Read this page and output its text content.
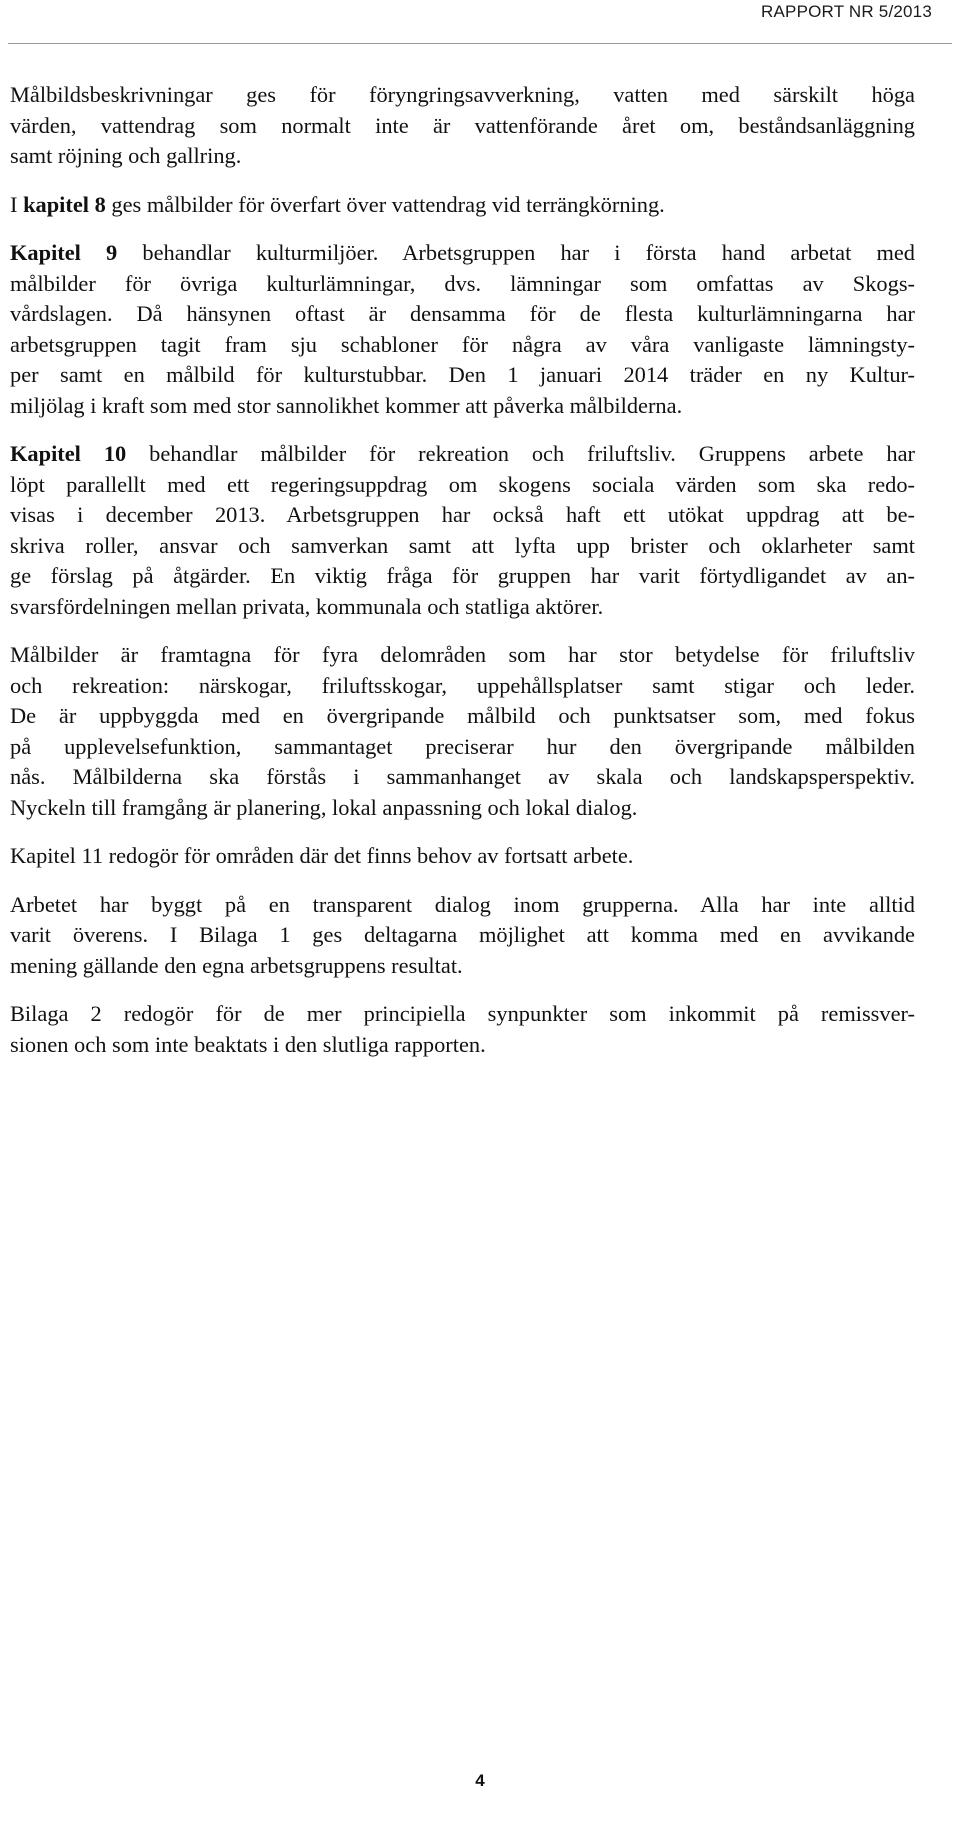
RAPPORT NR 5/2013

Målbildsbeskrivningar ges för föryngringsavverkning, vatten med särskilt höga
värden, vattendrag som normalt inte är vattenförande året om, beståndsanläggning
samt röjning och gallring.

I kapitel 8 ges målbilder för överfart över vattendrag vid terrängkörning.

Kapitel 9 behandlar kulturmiljöer. Arbetsgruppen har i första hand arbetat med
målbilder för övriga kulturlämningar, dvs. lämningar som omfattas av Skogs-
vårdslagen. Då hänsynen oftast är densamma för de flesta kulturlämningarna har
arbetsgruppen tagit fram sju schabloner för några av våra vanligaste lämningsty-
per samt en målbild för kulturstubbar. Den 1 januari 2014 träder en ny Kultur-
miljölag i kraft som med stor sannolikhet kommer att påverka målbilderna.

Kapitel 10 behandlar målbilder för rekreation och friluftsliv. Gruppens arbete har
löpt parallellt med ett regeringsuppdrag om skogens sociala värden som ska redo-
visas i december 2013. Arbetsgruppen har också haft ett utökat uppdrag att be-
skriva roller, ansvar och samverkan samt att lyfta upp brister och oklarheter samt
ge förslag på åtgärder. En viktig fråga för gruppen har varit förtydligandet av an-
svarsfördelningen mellan privata, kommunala och statliga aktörer.

Målbilder är framtagna för fyra delområden som har stor betydelse för friluftsliv
och rekreation: närskogar, friluftsskogar, uppehållsplatser samt stigar och leder.
De är uppbyggda med en övergripande målbild och punktsatser som, med fokus
på upplevelsefunktion, sammantaget preciserar hur den övergripande målbilden
nås. Målbilderna ska förstås i sammanhanget av skala och landskapsperspektiv.
Nyckeln till framgång är planering, lokal anpassning och lokal dialog.

Kapitel 11 redogör för områden där det finns behov av fortsatt arbete.

Arbetet har byggt på en transparent dialog inom grupperna. Alla har inte alltid
varit överens. I Bilaga 1 ges deltagarna möjlighet att komma med en avvikande
mening gällande den egna arbetsgruppens resultat.

Bilaga 2 redogör för de mer principiella synpunkter som inkommit på remissver-
sionen och som inte beaktats i den slutliga rapporten.

4
